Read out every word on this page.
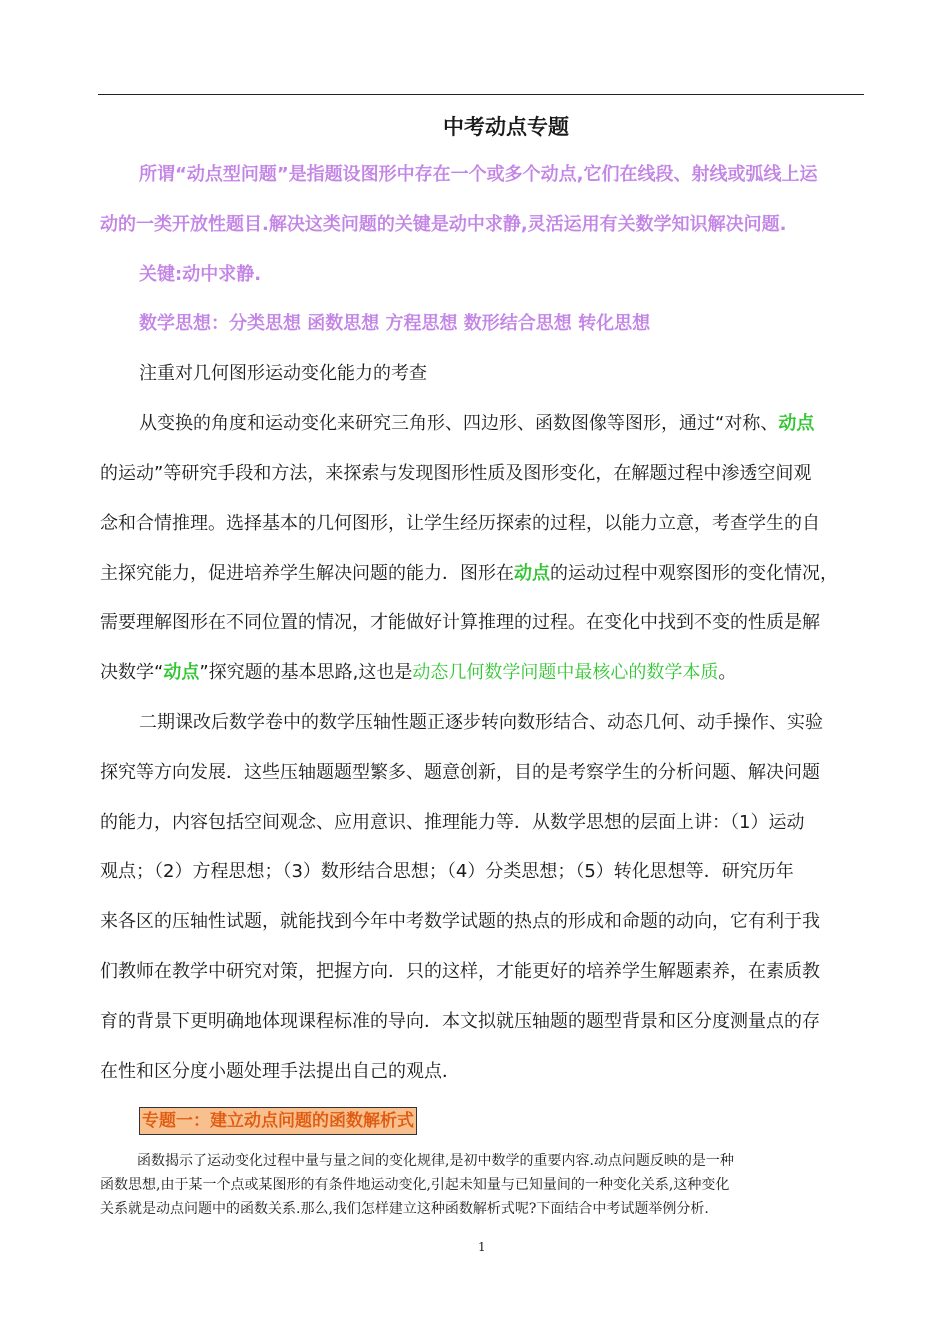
中考动点专题
所谓“动点型问题”是指题设图形中存在一个或多个动点,它们在线段、射线或弧线上运
动的一类开放性题目.解决这类问题的关键是动中求静,灵活运用有关数学知识解决问题.
关键:动中求静.
数学思想：分类思想 函数思想 方程思想 数形结合思想 转化思想
注重对几何图形运动变化能力的考查
从变换的角度和运动变化来研究三角形、四边形、函数图像等图形，通过“对称、动点
的运动”等研究手段和方法，来探索与发现图形性质及图形变化，在解题过程中渗透空间观
念和合情推理。选择基本的几何图形，让学生经历探索的过程，以能力立意，考查学生的自
主探究能力，促进培养学生解决问题的能力．图形在动点的运动过程中观察图形的变化情况，
需要理解图形在不同位置的情况，才能做好计算推理的过程。在变化中找到不变的性质是解
决数学“动点”探究题的基本思路,这也是动态几何数学问题中最核心的数学本质。
二期课改后数学卷中的数学压轴性题正逐步转向数形结合、动态几何、动手操作、实验
探究等方向发展．这些压轴题题型繁多、题意创新，目的是考察学生的分析问题、解决问题
的能力，内容包括空间观念、应用意识、推理能力等．从数学思想的层面上讲：（1）运动
观点；（2）方程思想；（3）数形结合思想；（4）分类思想；（5）转化思想等．研究历年
来各区的压轴性试题，就能找到今年中考数学试题的热点的形成和命题的动向，它有利于我
们教师在教学中研究对策，把握方向．只的这样，才能更好的培养学生解题素养，在素质教
育的背景下更明确地体现课程标准的导向．本文拟就压轴题的题型背景和区分度测量点的存
在性和区分度小题处理手法提出自己的观点．
专题一：建立动点问题的函数解析式
函数揭示了运动变化过程中量与量之间的变化规律,是初中数学的重要内容.动点问题反映的是一种
函数思想,由于某一个点或某图形的有条件地运动变化,引起未知量与已知量间的一种变化关系,这种变化
关系就是动点问题中的函数关系.那么,我们怎样建立这种函数解析式呢?下面结合中考试题举例分析.
1
